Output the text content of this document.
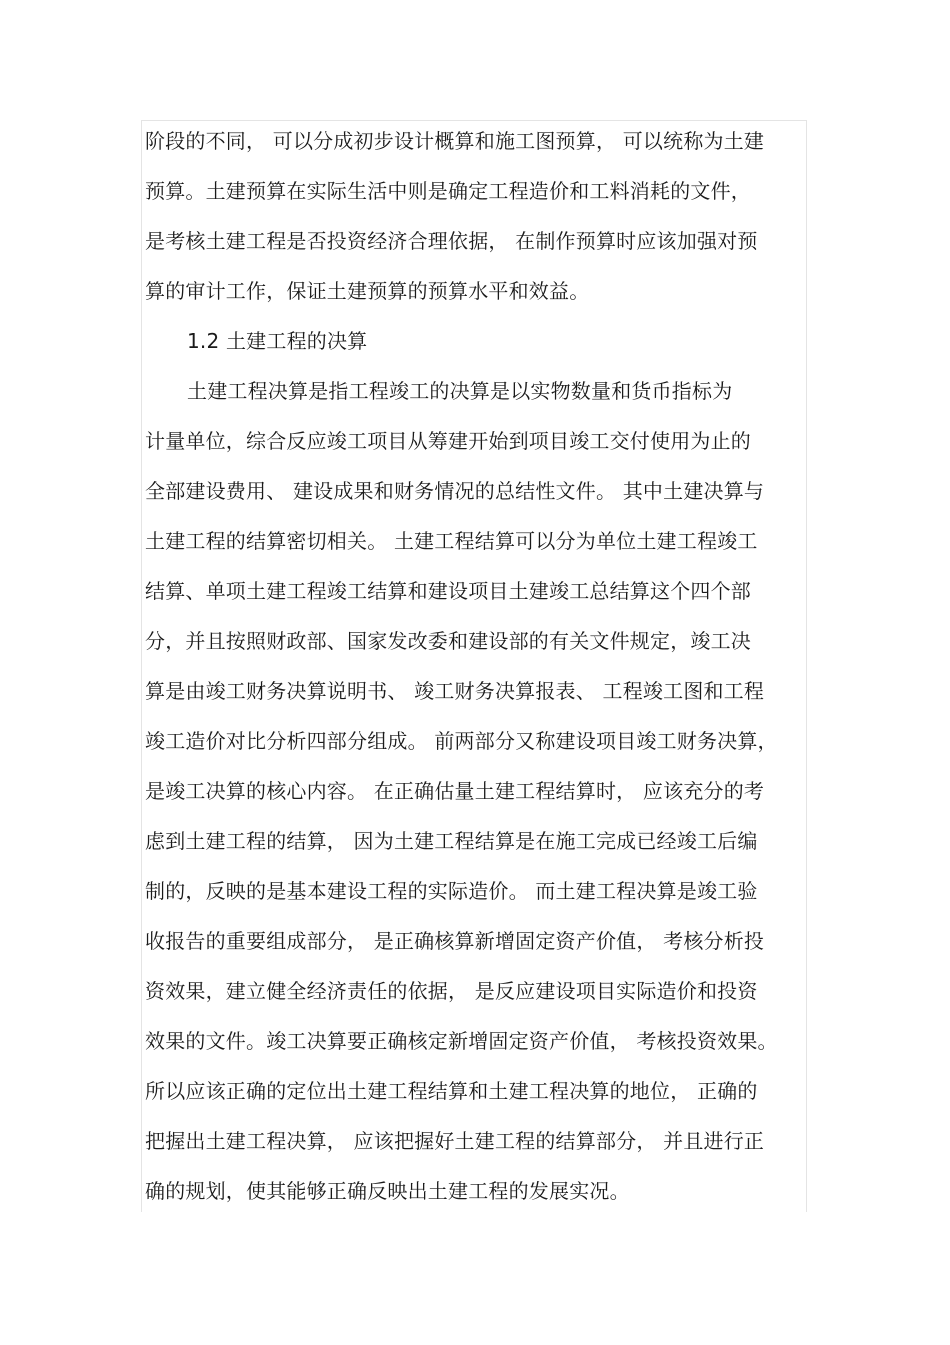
阶段的不同， 可以分成初步设计概算和施工图预算， 可以统称为土建
预算。土建预算在实际生活中则是确定工程造价和工料消耗的文件，
是考核土建工程是否投资经济合理依据， 在制作预算时应该加强对预
算的审计工作，保证土建预算的预算水平和效益。
1.2 土建工程的决算
土建工程决算是指工程竣工的决算是以实物数量和货币指标为
计量单位，综合反应竣工项目从筹建开始到项目竣工交付使用为止的
全部建设费用、 建设成果和财务情况的总结性文件。 其中土建决算与
土建工程的结算密切相关。 土建工程结算可以分为单位土建工程竣工
结算、单项土建工程竣工结算和建设项目土建竣工总结算这个四个部
分，并且按照财政部、国家发改委和建设部的有关文件规定，竣工决
算是由竣工财务决算说明书、 竣工财务决算报表、 工程竣工图和工程
竣工造价对比分析四部分组成。 前两部分又称建设项目竣工财务决算，
是竣工决算的核心内容。 在正确估量土建工程结算时， 应该充分的考
虑到土建工程的结算， 因为土建工程结算是在施工完成已经竣工后编
制的，反映的是基本建设工程的实际造价。 而土建工程决算是竣工验
收报告的重要组成部分， 是正确核算新增固定资产价值， 考核分析投
资效果，建立健全经济责任的依据， 是反应建设项目实际造价和投资
效果的文件。竣工决算要正确核定新增固定资产价值， 考核投资效果。
所以应该正确的定位出土建工程结算和土建工程决算的地位， 正确的
把握出土建工程决算， 应该把握好土建工程的结算部分， 并且进行正
确的规划，使其能够正确反映出土建工程的发展实况。
